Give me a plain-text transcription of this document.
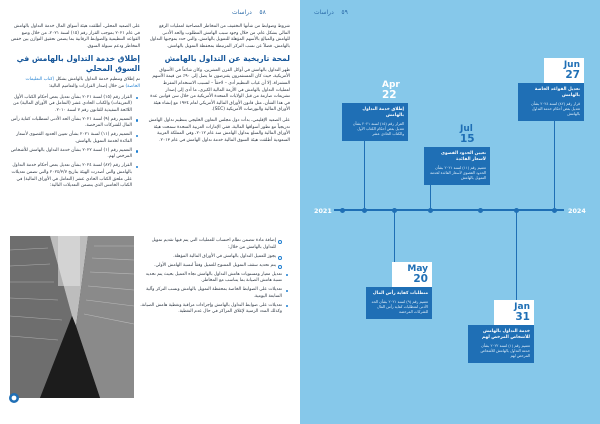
٥٨    دراسات

شروط وضوابط من شأنها التخفيف من المخاطر المصاحبة لعمليات الرفع المالي بشكل عام، من خلال وجود سبب الهامش المطلوب والحد الأدنى للهامش والمبالغ بالأسهم المؤهلة للتمويل بالهامش، والتي حدد بموجبها التداول بالهامش، فضلاً عن نسب التركز المرتبطة بمحفظة التمويل بالهامش.

لمحة تاريخية عن التداول بالهامش

ظهر التداول بالهامش في أوائل القرن العشرين، وكان شائعاً في الأسواق الأمريكية، حيث كان المستثمرون يقترضون ما يصل إلى ٩٠٪ من قيمة الأسهم المشتراة، إلا أن غياب التنظيم أدى – لاحقاً – لتسبب الاستخدام المفرط لعمليات التداول بالهامش في الأزمة المالية الكبرى، ما أدى إلى إصدار تشريعات صارمة من قبل الولايات المتحدة الأمريكية من خلال سن قوانين عدة في هذا الشأن، مثل قانون الأوراق المالية الأمريكي لعام ١٩٣٤ مع إنشاء هيئة الأوراق المالية والبورصات الأمريكية (SEC).

على الصعيد الإقليمي، بدأت دول مجلس التعاون الخليجي بتنظيم تداول الهامش تدريجياً مع تطور أسواقها المالية، ففي الإمارات العربية المتحدة سمحت هيئة الأوراق المالية والسلع بتداول الهامش منذ عام ٢٠١٢، وفي المملكة العربية السعودية أطلقت هيئة السوق المالية خدمة تداول الهامش في عام ٢٠١٣.

على الصعيد المحلي، أطلقت هيئة أسواق المال خدمة التداول بالهامش في عام ٢٠٢١ بموجب القرار رقم (١٥) لسنة ٢٠٢١، من خلال وضع القواعد التنظيمية والضوابط الرقابية بما يضمن تحقيق التوازن بين خفض المخاطر ودعم سيولة السوق.

إطلاق خدمة التداول بالهامش في السوق المحلي

تم إطلاق وتنظيم خدمة التداول بالهامش بشكل (كتاب التعليمات الخاصة) من خلال إصدار القرارات والتعاميم التالية:

القرار رقم (١٥) لسنة ٢٠٢١ بشأن تعديل بعض أحكام الكتاب الأول (التعريفات) والكتاب الحادي عشر (التعامل في الأوراق المالية) من اللائحة التنفيذية للقانون رقم ٧ لسنة ٢٠١٠.
التعميم رقم (٩) لسنة ٢٠٢١ بشأن الحد الأدنى لمتطلبات كفاية رأس المال للشركات المرخصة.
التعميم رقم (١١) لسنة ٢٠٢١ بشأن تعيين الحدود القصوى لأسعار الفائدة لخدمة التمويل بالهامش.
التعميم رقم (١) لسنة ٢٠٢٢ بشأن خدمة التداول بالهامش للأشخاص المرخص لهم.
القرار رقم (٨٢) لسنة ٢٠٢٤ بشأن تعديل بعض أحكام خدمة التداول بالهامش والتي أصدرت الهيئة بتاريخ ٢٠٢٤/٣/٧ والتي تضمن تعديلات على ملحق الكتاب الحادي عشر (التعامل في الأوراق المالية) في الكتاب الخامس الذي يتضمن التعديلات التالية:
إضافة مادة تتضمن نظام احتساب للعمليات التي يتم فيها تقديم تمويل للتداول بالهامش من خلال:
يجوز للعميل التداول بالهامش في الأوراق المالية المؤهلة.
يتم تحديد سقف التمويل الممنوح للعميل وفقاً لنسبة الهامش الأولي.
تعديل معيار ومستويات هامش التداول بالهامش تجاه العميل بحيث يتم تحديد نسبة هامش الصيانة بما يتناسب مع المخاطر.
تعديلات على الضوابط الخاصة بمحفظة التمويل بالهامش ونسب التركز وآلية المتابعة اليومية.
تعديلات على ضوابط التداول بالهامش وإجراءات مراقبة وتغطية هامش الصيانة، وكذلك المدد الزمنية لإغلاق المراكز في حال عدم التغطية.
٥٩    دراسات
2021	2024
Apr
22

إطلاق خدمة التداول بالهامش

القرار رقم (١٥) لسنة ٢٠٢١ بشأن تعديل بعض أحكام الكتاب الأول والكتاب الحادي عشر
Jun
27

تعديل القواعد الخاصة بالهامش

قرار رقم (٨٢) لسنة ٢٠٢٤ بشأن تعديل بعض أحكام خدمة التداول بالهامش
Jul
15

تعيين الحدود القصوى لأسعار الفائدة

تعميم رقم (١١) لسنة ٢٠٢١ بشأن الحدود القصوى لأسعار الفائدة لخدمة التمويل بالهامش
May
20

متطلبات كفاية رأس المال

تعميم رقم (٩) لسنة ٢٠٢١ بشأن الحد الأدنى لمتطلبات كفاية رأس المال للشركات المرخصة
Jan
31

خدمة التداول بالهامش للأشخاص المرخص لهم

تعميم رقم (١) لسنة ٢٠٢٢ بشأن خدمة التداول بالهامش للأشخاص المرخص لهم
